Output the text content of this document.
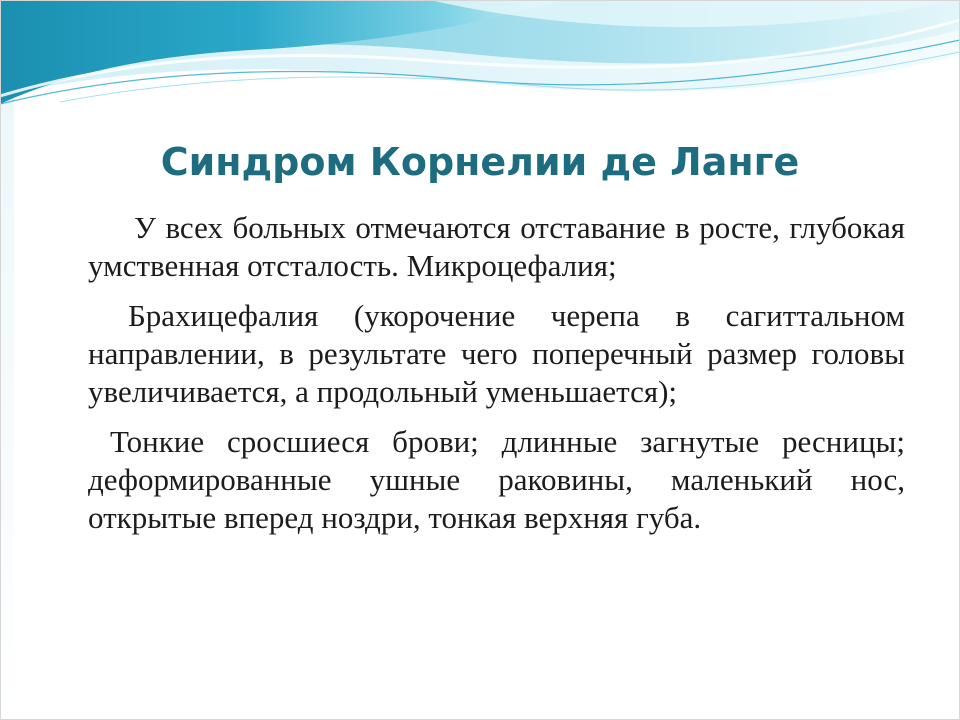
Синдром Корнелии де Ланге

У всех больных отмечаются отставание в росте, глубокая умственная отсталость. Микроцефалия;

Брахицефалия (укорочение черепа в сагиттальном направлении, в результате чего поперечный размер головы увеличивается, а продольный уменьшается);

Тонкие сросшиеся брови; длинные загнутые ресницы; деформированные ушные раковины, маленький нос, открытые вперед ноздри, тонкая верхняя губа.
